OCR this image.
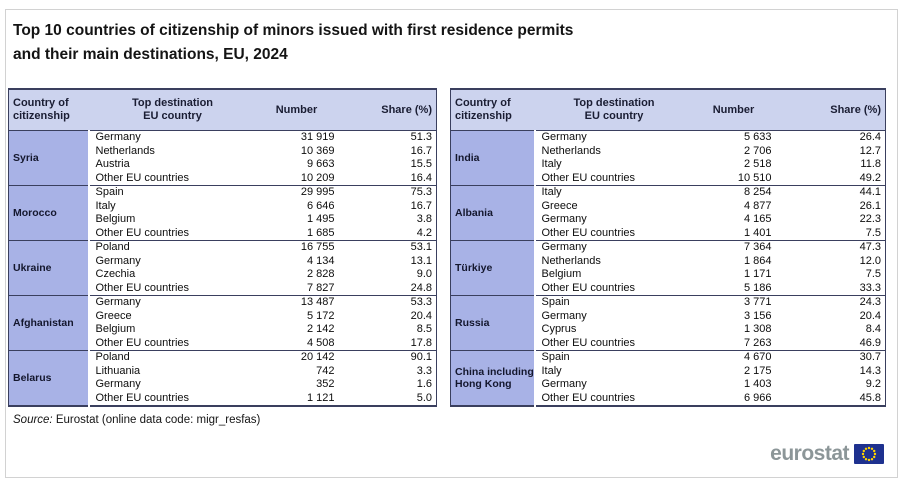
Top 10 countries of citizenship of minors issued with first residence permits
and their main destinations, EU, 2024
Country of
citizenship

Top destination
EU country

Number	Share (%)

Syria	Germany	31 919	51.3
	Netherlands	10 369	16.7
	Austria	9 663	15.5
	Other EU countries	10 209	16.4

Morocco	Spain	29 995	75.3
	Italy	6 646	16.7
	Belgium	1 495	3.8
	Other EU countries	1 685	4.2

Ukraine	Poland	16 755	53.1
	Germany	4 134	13.1
	Czechia	2 828	9.0
	Other EU countries	7 827	24.8

Afghanistan	Germany	13 487	53.3
	Greece	5 172	20.4
	Belgium	2 142	8.5
	Other EU countries	4 508	17.8

Belarus	Poland	20 142	90.1
	Lithuania	742	3.3
	Germany	352	1.6
	Other EU countries	1 121	5.0
Country of
citizenship

Top destination
EU country

Number	Share (%)

India	Germany	5 633	26.4
	Netherlands	2 706	12.7
	Italy	2 518	11.8
	Other EU countries	10 510	49.2

Albania	Italy	8 254	44.1
	Greece	4 877	26.1
	Germany	4 165	22.3
	Other EU countries	1 401	7.5

Türkiye	Germany	7 364	47.3
	Netherlands	1 864	12.0
	Belgium	1 171	7.5
	Other EU countries	5 186	33.3

Russia	Spain	3 771	24.3
	Germany	3 156	20.4
	Cyprus	1 308	8.4
	Other EU countries	7 263	46.9

China including
Hong Kong	Spain	4 670	30.7
	Italy	2 175	14.3
	Germany	1 403	9.2
	Other EU countries	6 966	45.8
Source: Eurostat (online data code: migr_resfas)
eurostat
